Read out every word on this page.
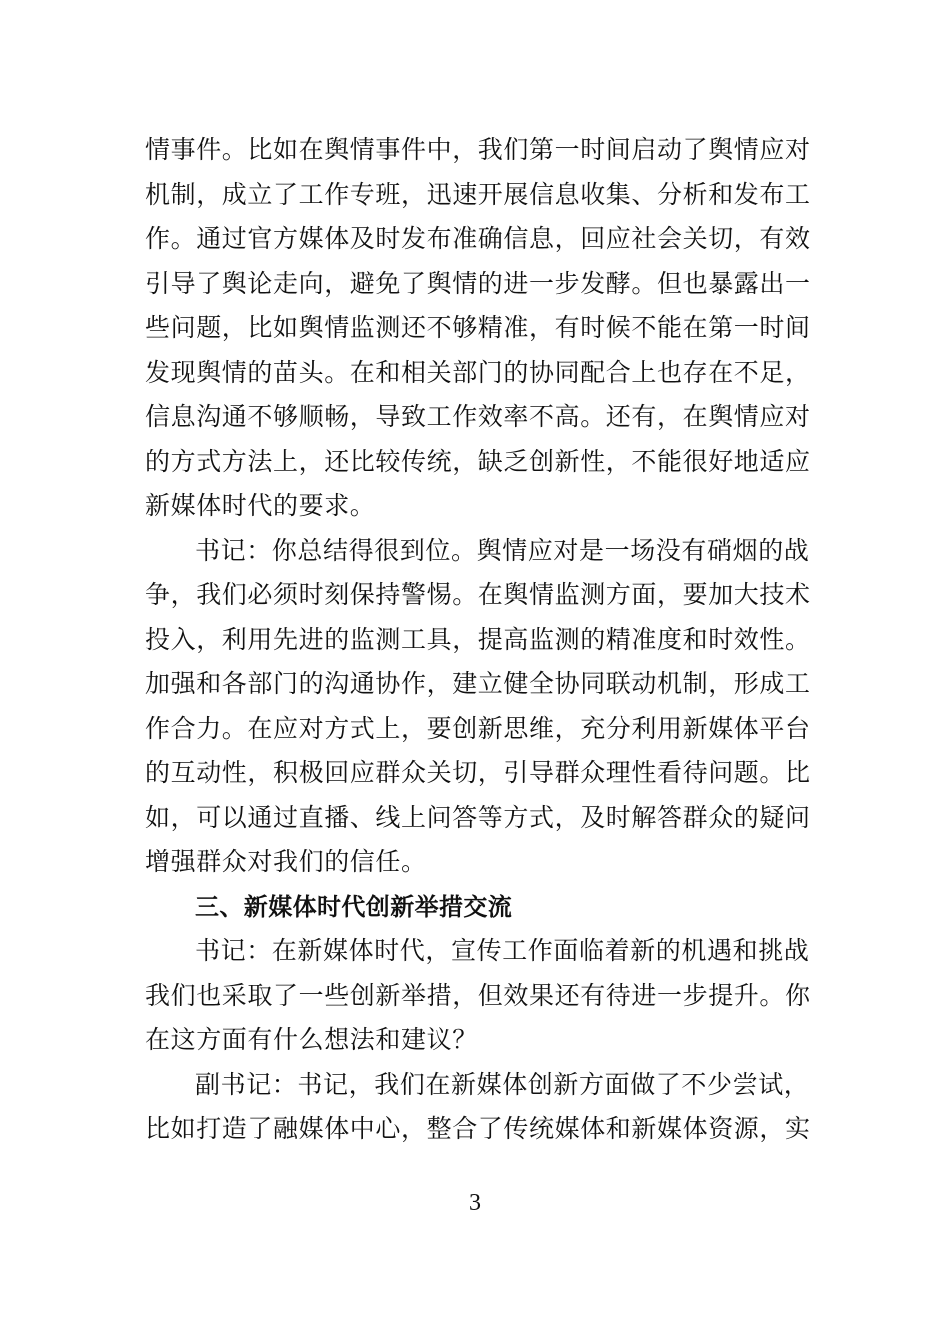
情事件。比如在舆情事件中，我们第一时间启动了舆情应对
机制，成立了工作专班，迅速开展信息收集、分析和发布工
作。通过官方媒体及时发布准确信息，回应社会关切，有效
引导了舆论走向，避免了舆情的进一步发酵。但也暴露出一
些问题，比如舆情监测还不够精准，有时候不能在第一时间
发现舆情的苗头。在和相关部门的协同配合上也存在不足，
信息沟通不够顺畅，导致工作效率不高。还有，在舆情应对
的方式方法上，还比较传统，缺乏创新性，不能很好地适应
新媒体时代的要求。
书记：你总结得很到位。舆情应对是一场没有硝烟的战
争，我们必须时刻保持警惕。在舆情监测方面，要加大技术
投入，利用先进的监测工具，提高监测的精准度和时效性。
加强和各部门的沟通协作，建立健全协同联动机制，形成工
作合力。在应对方式上，要创新思维，充分利用新媒体平台
的互动性，积极回应群众关切，引导群众理性看待问题。比
如，可以通过直播、线上问答等方式，及时解答群众的疑问
增强群众对我们的信任。
三、新媒体时代创新举措交流
书记：在新媒体时代，宣传工作面临着新的机遇和挑战
我们也采取了一些创新举措，但效果还有待进一步提升。你
在这方面有什么想法和建议？
副书记：书记，我们在新媒体创新方面做了不少尝试，
比如打造了融媒体中心，整合了传统媒体和新媒体资源，实
3
